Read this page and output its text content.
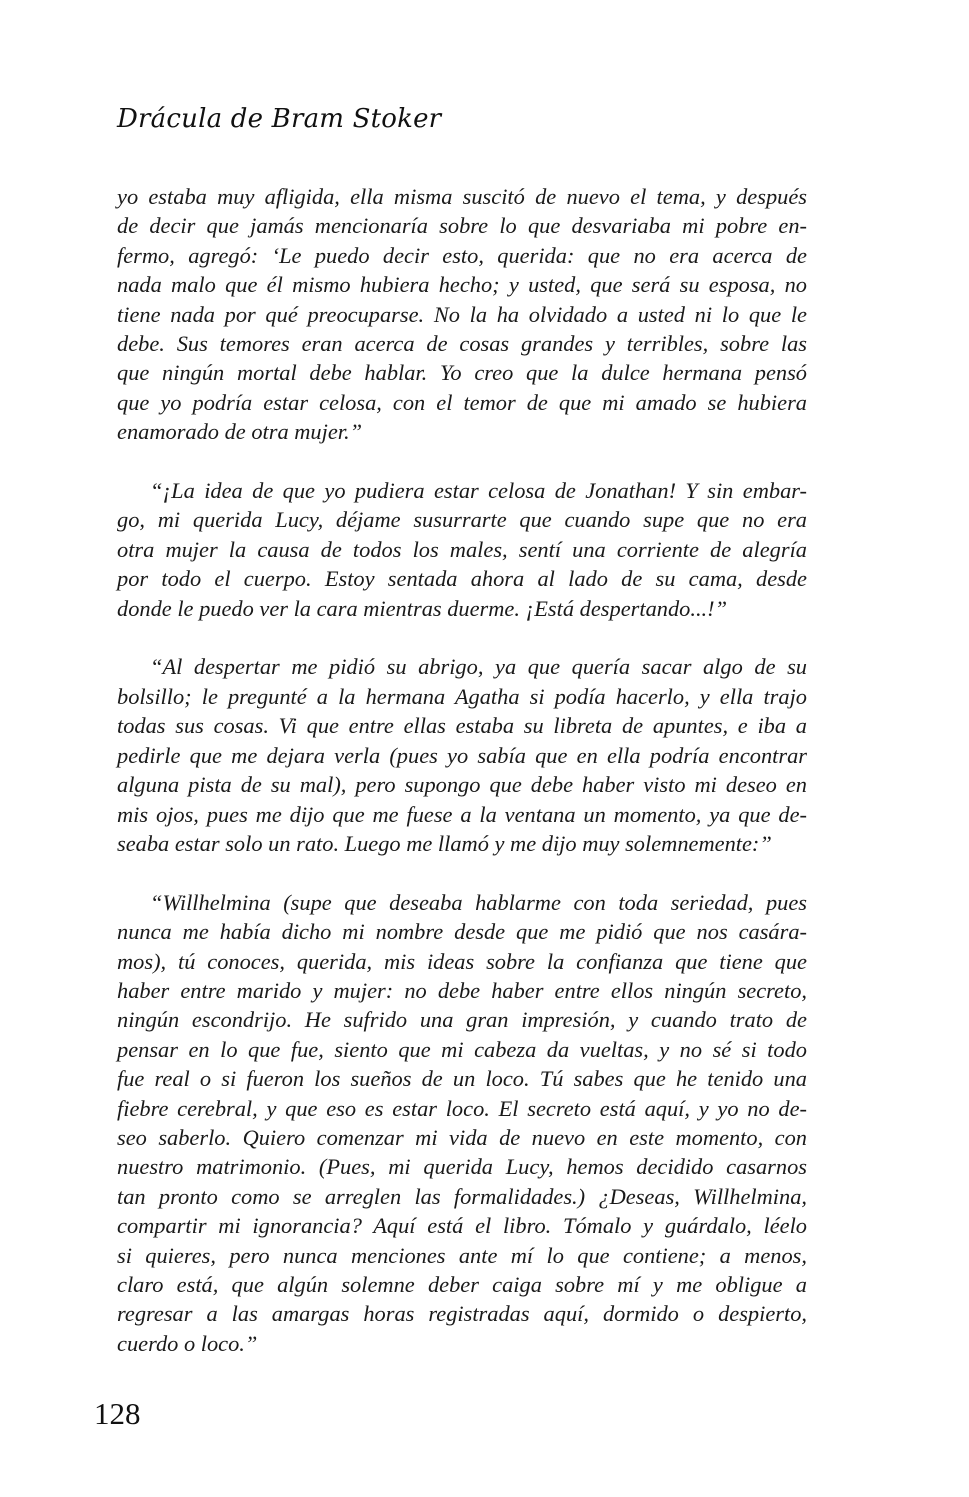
Drácula de Bram Stoker

yo estaba muy afligida, ella misma suscitó de nuevo el tema, y después
de decir que jamás mencionaría sobre lo que desvariaba mi pobre en-
fermo, agregó: ‘Le puedo decir esto, querida: que no era acerca de
nada malo que él mismo hubiera hecho; y usted, que será su esposa, no
tiene nada por qué preocuparse. No la ha olvidado a usted ni lo que le
debe. Sus temores eran acerca de cosas grandes y terribles, sobre las
que ningún mortal debe hablar. Yo creo que la dulce hermana pensó
que yo podría estar celosa, con el temor de que mi amado se hubiera
enamorado de otra mujer.”

“¡La idea de que yo pudiera estar celosa de Jonathan! Y sin embar-
go, mi querida Lucy, déjame susurrarte que cuando supe que no era
otra mujer la causa de todos los males, sentí una corriente de alegría
por todo el cuerpo. Estoy sentada ahora al lado de su cama, desde
donde le puedo ver la cara mientras duerme. ¡Está despertando...!”

“Al despertar me pidió su abrigo, ya que quería sacar algo de su
bolsillo; le pregunté a la hermana Agatha si podía hacerlo, y ella trajo
todas sus cosas. Vi que entre ellas estaba su libreta de apuntes, e iba a
pedirle que me dejara verla (pues yo sabía que en ella podría encontrar
alguna pista de su mal), pero supongo que debe haber visto mi deseo en
mis ojos, pues me dijo que me fuese a la ventana un momento, ya que de-
seaba estar solo un rato. Luego me llamó y me dijo muy solemnemente:”

“Willhelmina (supe que deseaba hablarme con toda seriedad, pues
nunca me había dicho mi nombre desde que me pidió que nos casára-
mos), tú conoces, querida, mis ideas sobre la confianza que tiene que
haber entre marido y mujer: no debe haber entre ellos ningún secreto,
ningún escondrijo. He sufrido una gran impresión, y cuando trato de
pensar en lo que fue, siento que mi cabeza da vueltas, y no sé si todo
fue real o si fueron los sueños de un loco. Tú sabes que he tenido una
fiebre cerebral, y que eso es estar loco. El secreto está aquí, y yo no de-
seo saberlo. Quiero comenzar mi vida de nuevo en este momento, con
nuestro matrimonio. (Pues, mi querida Lucy, hemos decidido casarnos
tan pronto como se arreglen las formalidades.) ¿Deseas, Willhelmina,
compartir mi ignorancia? Aquí está el libro. Tómalo y guárdalo, léelo
si quieres, pero nunca menciones ante mí lo que contiene; a menos,
claro está, que algún solemne deber caiga sobre mí y me obligue a
regresar a las amargas horas registradas aquí, dormido o despierto,
cuerdo o loco.”

128
